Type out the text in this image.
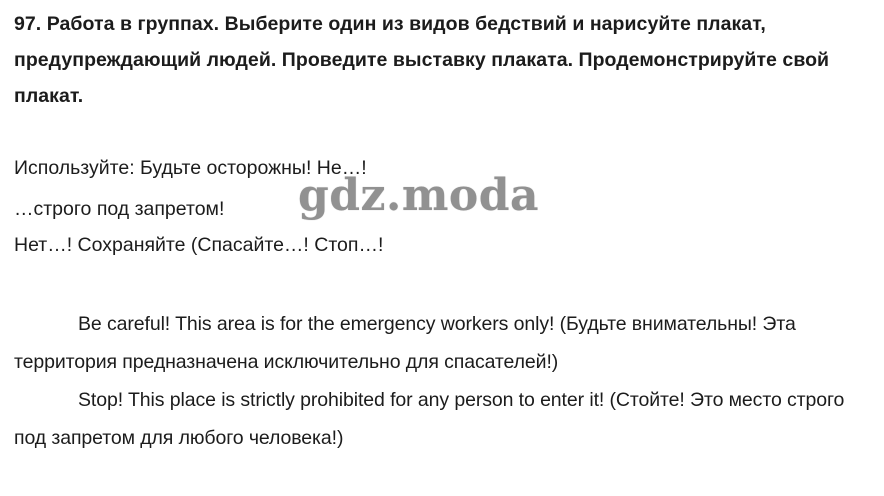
97. Работа в группах. Выберите один из видов бедствий и нарисуйте плакат, предупреждающий людей. Проведите выставку плаката. Продемонстрируйте свой плакат.
Используйте: Будьте осторожны! Не…!
…строго под запретом!
Нет…! Сохраняйте (Спасайте…! Стоп…!
Be careful! This area is for the emergency workers only! (Будьте внимательны! Эта территория предназначена исключительно для спасателей!)
Stop! This place is strictly prohibited for any person to enter it! (Стойте! Это место строго под запретом для любого человека!)
gdz.moda
